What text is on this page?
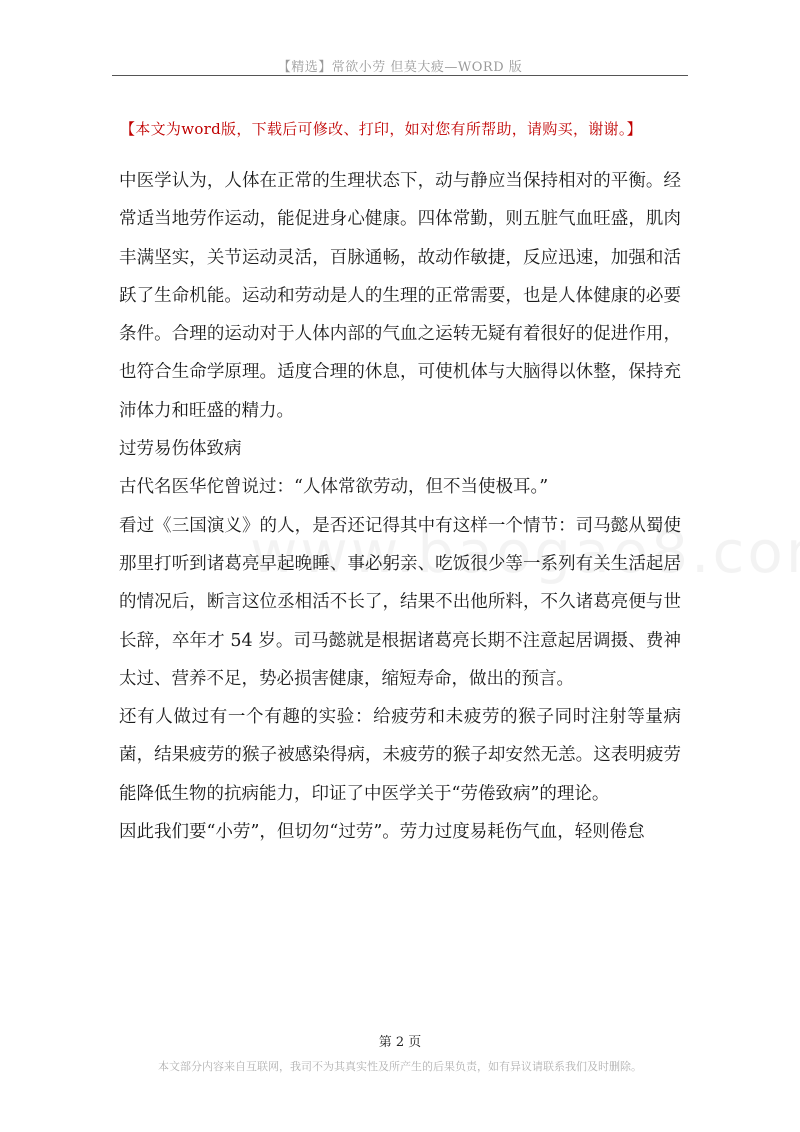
【精选】常欲小劳 但莫大疲—WORD 版
【本文为word版，下载后可修改、打印，如对您有所帮助，请购买，谢谢。】

中医学认为，人体在正常的生理状态下，动与静应当保持相对的平衡。经常适当地劳作运动，能促进身心健康。四体常勤，则五脏气血旺盛，肌肉丰满坚实，关节运动灵活，百脉通畅，故动作敏捷，反应迅速，加强和活跃了生命机能。运动和劳动是人的生理的正常需要，也是人体健康的必要条件。合理的运动对于人体内部的气血之运转无疑有着很好的促进作用，也符合生命学原理。适度合理的休息，可使机体与大脑得以休整，保持充沛体力和旺盛的精力。

过劳易伤体致病

古代名医华佗曾说过：“人体常欲劳动，但不当使极耳。”

看过《三国演义》的人，是否还记得其中有这样一个情节：司马懿从蜀使那里打听到诸葛亮早起晚睡、事必躬亲、吃饭很少等一系列有关生活起居的情况后，断言这位丞相活不长了，结果不出他所料，不久诸葛亮便与世长辞，卒年才 54 岁。司马懿就是根据诸葛亮长期不注意起居调摄、费神太过、营养不足，势必损害健康，缩短寿命，做出的预言。

还有人做过有一个有趣的实验：给疲劳和未疲劳的猴子同时注射等量病菌，结果疲劳的猴子被感染得病，未疲劳的猴子却安然无恙。这表明疲劳能降低生物的抗病能力，印证了中医学关于“劳倦致病”的理论。

因此我们要“小劳”，但切勿“过劳”。劳力过度易耗伤气血，轻则倦怠

第 2 页
本文部分内容来自互联网，我司不为其真实性及所产生的后果负责，如有异议请联系我们及时删除。
